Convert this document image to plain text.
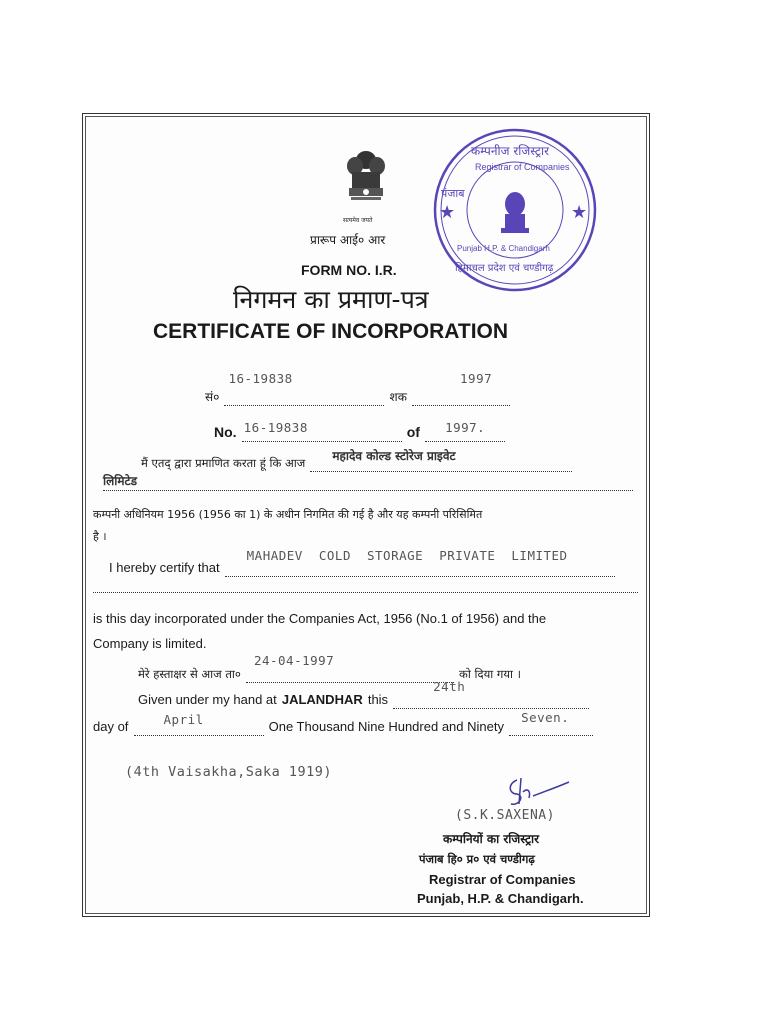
सत्यमेव जयते
प्रारूप आई० आर
FORM NO. I.R.
निगमन का प्रमाण-पत्र
CERTIFICATE OF INCORPORATION
★	★
कम्पनीज रजिस्ट्रार
Registrar of Companies
पंजाब
Punjab H.P. & Chandigarh
हिमाचल प्रदेश एवं चण्डीगढ़
सं०
16-19838
शक
1997

No. 16-19838	of 1997.

मैं एतद् द्वारा प्रमाणित करता हूं कि आज महादेव कोल्ड स्टोरेज प्राइवेट

लिमिटेड
कम्पनी अधिनियम 1956 (1956 का 1) के अधीन निगमित की गई है और यह कम्पनी परिसिमित
है ।
I hereby certify that
MAHADEV COLD STORAGE PRIVATE LIMITED

is this day incorporated under the Companies Act, 1956 (No.1 of 1956) and the
Company is limited.
मेरे हस्ताक्षर से आज ता०
24-04-1997
को दिया गया ।
Given under my hand at JALANDHAR this
24th

day of	April	One Thousand Nine Hundred and Ninety
Seven.

(4th Vaisakha,Saka 1919)
(S.K.SAXENA)
कम्पनियों का रजिस्ट्रार
पंजाब हि० प्र० एवं चण्डीगढ़
Registrar of Companies
Punjab, H.P. & Chandigarh.
